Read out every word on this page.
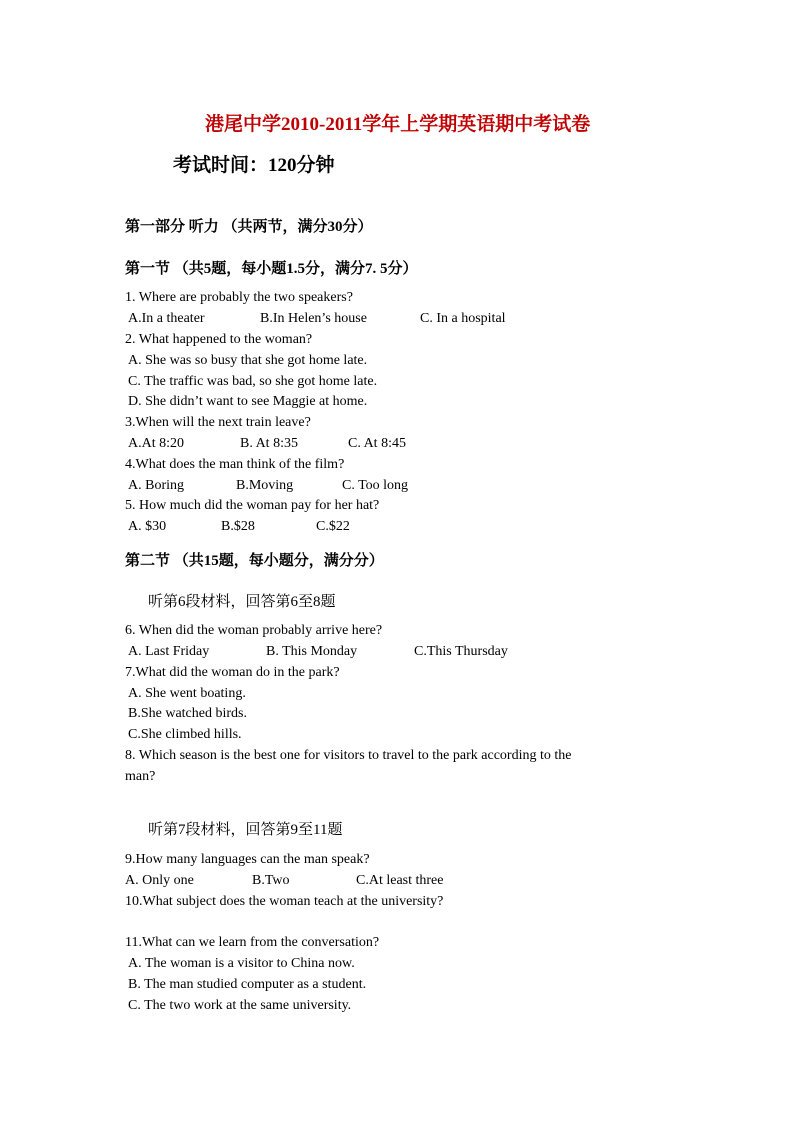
港尾中学2010-2011学年上学期英语期中考试卷
考试时间：120分钟
第一部分 听力 （共两节，满分30分）
第一节 （共5题，每小题1.5分，满分7. 5分）
1. Where are probably the two speakers?
A.In a theater	B.In Helen’s house	C. In a hospital
2. What happened to the woman?
A. She was so busy that she got home late.
C. The traffic was bad, so she got home late.
D. She didn’t want to see Maggie at home.
3.When will the next train leave?
A.At 8:20	B. At 8:35	C. At 8:45
4.What does the man think of the film?
A. Boring	B.Moving	C. Too long
5. How much did the woman pay for her hat?
A. $30	B.$28	C.$22
第二节 （共15题，每小题分，满分分）
听第6段材料，回答第6至8题
6. When did the woman probably arrive here?
A. Last Friday	B. This Monday	C.This Thursday
7.What did the woman do in the park?
A. She went boating.
B.She watched birds.
C.She climbed hills.
8. Which season is the best one for visitors to travel to the park according to the
man?
听第7段材料，回答第9至11题
9.How many languages can the man speak?
A. Only one	B.Two	C.At least three
10.What subject does the woman teach at the university?
11.What can we learn from the conversation?
A. The woman is a visitor to China now.
B. The man studied computer as a student.
C. The two work at the same university.
